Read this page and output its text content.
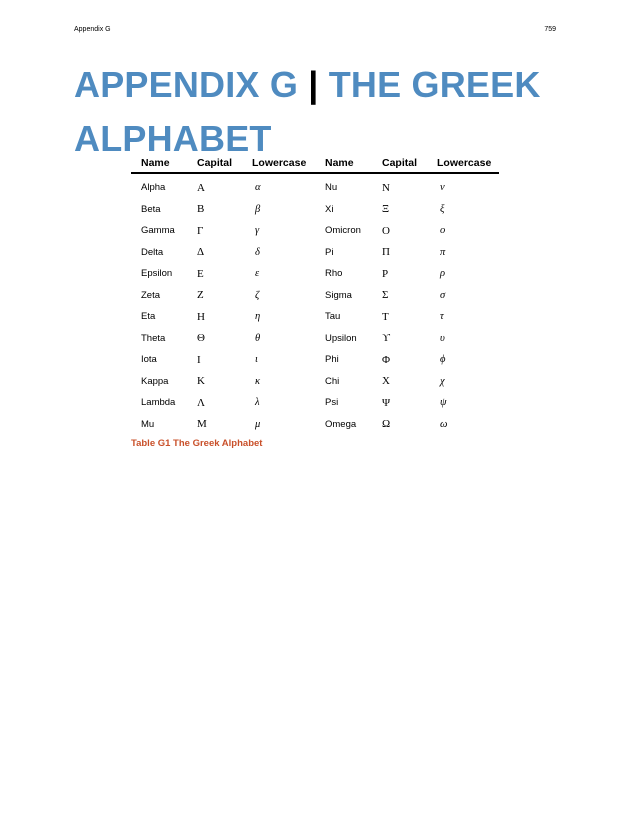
Appendix G	759
APPENDIX G | THE GREEK ALPHABET
Name	Capital	Lowercase	Name	Capital	Lowercase
Alpha	A	α	Nu	N	ν
Beta	B	β	Xi	Ξ	ξ
Gamma	Γ	γ	Omicron	O	ο
Delta	Δ	δ	Pi	Π	π
Epsilon	E	ε	Rho	P	ρ
Zeta	Z	ζ	Sigma	Σ	σ
Eta	H	η	Tau	T	τ
Theta	Θ	θ	Upsilon	ϒ	υ
Iota	I	ι	Phi	Φ	ϕ
Kappa	K	κ	Chi	X	χ
Lambda	Λ	λ	Psi	Ψ	ψ
Mu	M	μ	Omega	Ω	ω
Table G1 The Greek Alphabet
